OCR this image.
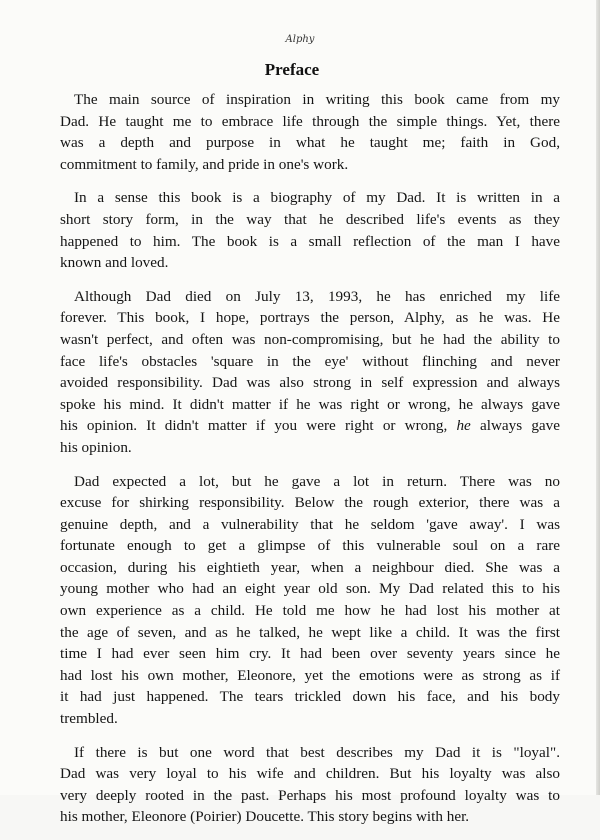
Alphy
Preface

The main source of inspiration in writing this book came from my
Dad. He taught me to embrace life through the simple things. Yet, there
was a depth and purpose in what he taught me; faith in God,
commitment to family, and pride in one's work.

In a sense this book is a biography of my Dad. It is written in a
short story form, in the way that he described life's events as they
happened to him. The book is a small reflection of the man I have
known and loved.

Although Dad died on July 13, 1993, he has enriched my life
forever. This book, I hope, portrays the person, Alphy, as he was. He
wasn't perfect, and often was non-compromising, but he had the ability to
face life's obstacles 'square in the eye' without flinching and never
avoided responsibility. Dad was also strong in self expression and always
spoke his mind. It didn't matter if he was right or wrong, he always gave
his opinion. It didn't matter if you were right or wrong, he always gave
his opinion.

Dad expected a lot, but he gave a lot in return. There was no
excuse for shirking responsibility. Below the rough exterior, there was a
genuine depth, and a vulnerability that he seldom 'gave away'. I was
fortunate enough to get a glimpse of this vulnerable soul on a rare
occasion, during his eightieth year, when a neighbour died. She was a
young mother who had an eight year old son. My Dad related this to his
own experience as a child. He told me how he had lost his mother at
the age of seven, and as he talked, he wept like a child. It was the first
time I had ever seen him cry. It had been over seventy years since he
had lost his own mother, Eleonore, yet the emotions were as strong as if
it had just happened. The tears trickled down his face, and his body
trembled.

If there is but one word that best describes my Dad it is "loyal".
Dad was very loyal to his wife and children. But his loyalty was also
very deeply rooted in the past. Perhaps his most profound loyalty was to
his mother, Eleonore (Poirier) Doucette. This story begins with her.
